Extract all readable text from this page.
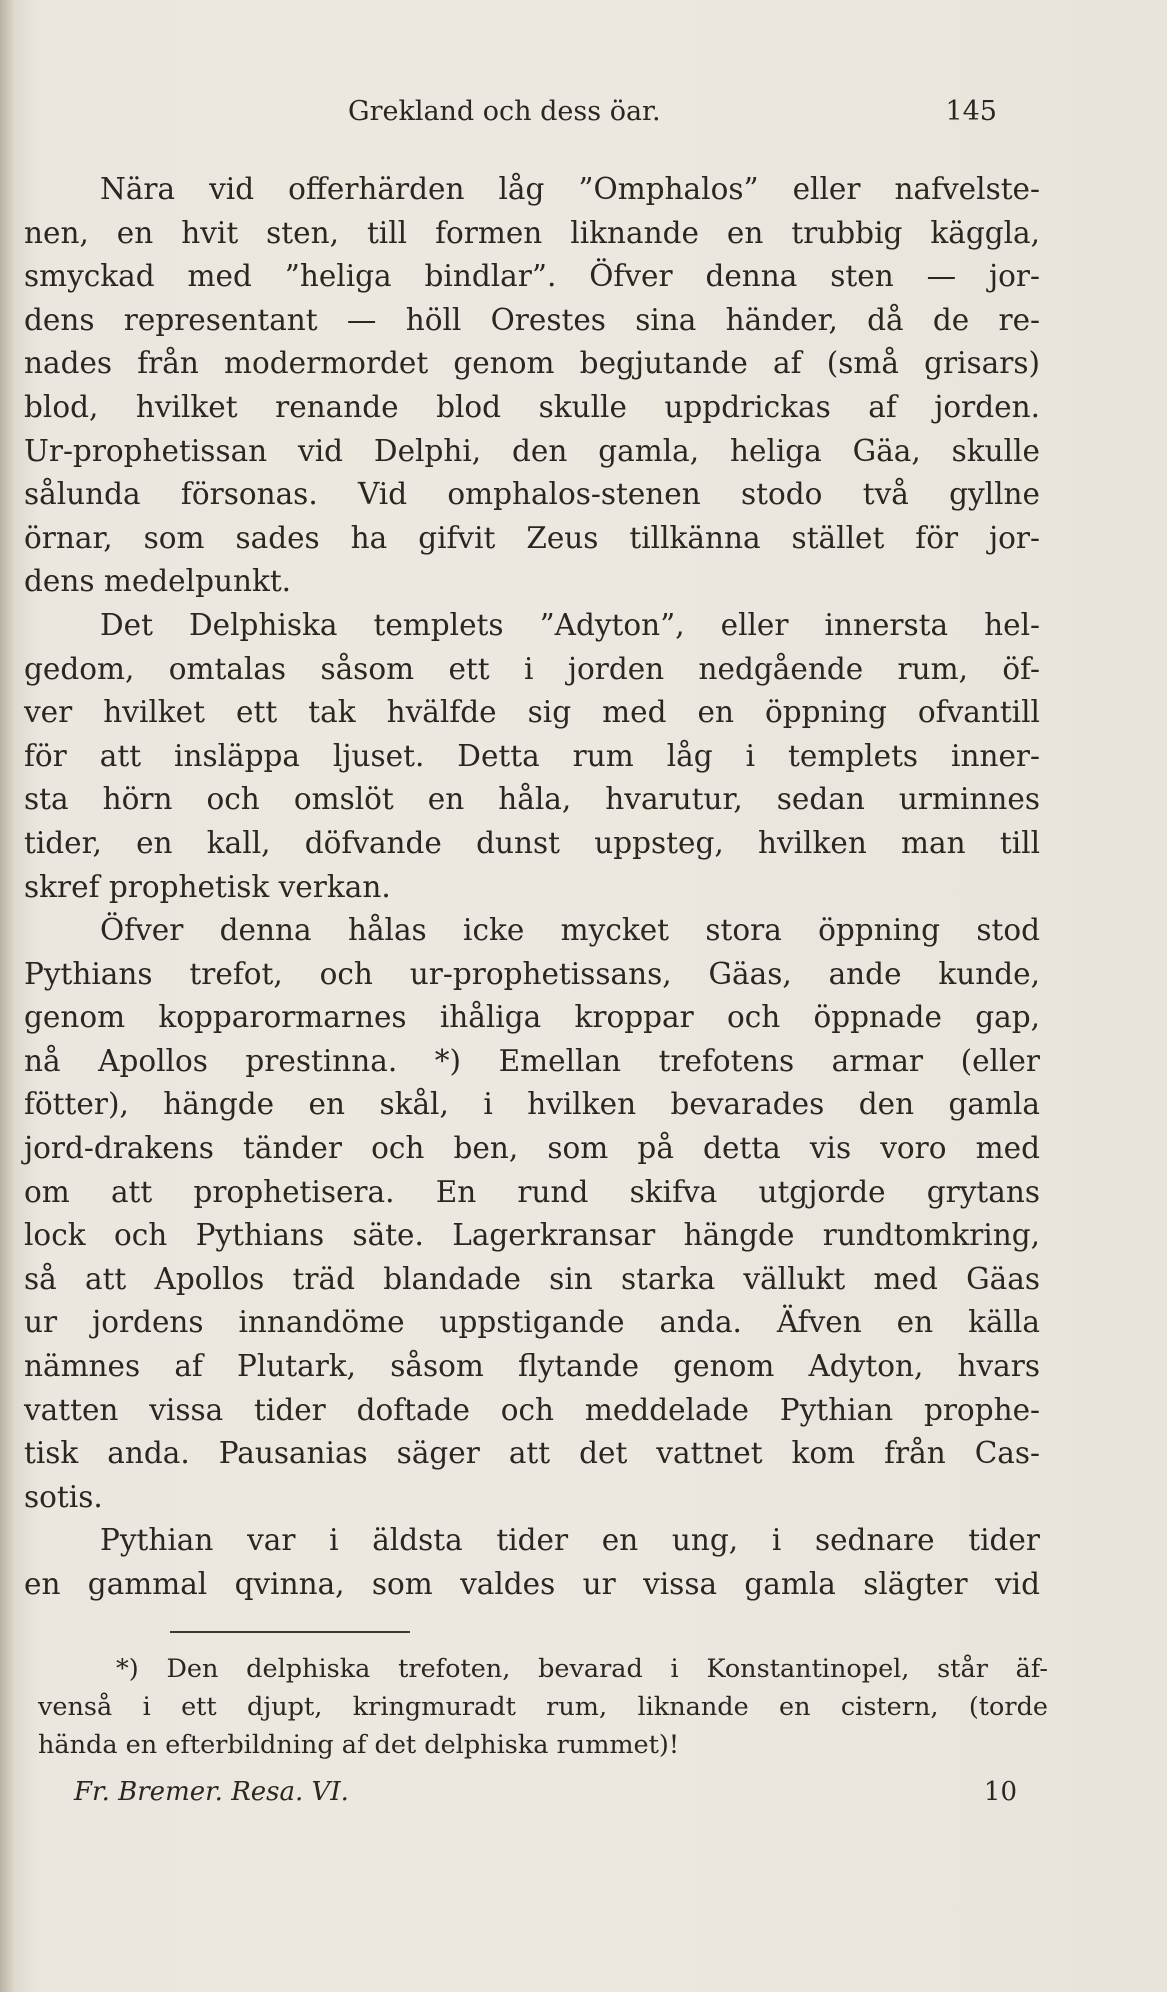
Grekland och dess öar.	145
Nära vid offerhärden låg ”Omphalos” eller nafvelste-
nen, en hvit sten, till formen liknande en trubbig käggla,
smyckad med ”heliga bindlar”. Öfver denna sten — jor-
dens representant — höll Orestes sina händer, då de re-
nades från modermordet genom begjutande af (små grisars)
blod, hvilket renande blod skulle uppdrickas af jorden.
Ur-prophetissan vid Delphi, den gamla, heliga Gäa, skulle
sålunda försonas. Vid omphalos-stenen stodo två gyllne
örnar, som sades ha gifvit Zeus tillkänna stället för jor-
dens medelpunkt.
Det Delphiska templets ”Adyton”, eller innersta hel-
gedom, omtalas såsom ett i jorden nedgående rum, öf-
ver hvilket ett tak hvälfde sig med en öppning ofvantill
för att insläppa ljuset. Detta rum låg i templets inner-
sta hörn och omslöt en håla, hvarutur, sedan urminnes
tider, en kall, döfvande dunst uppsteg, hvilken man till
skref prophetisk verkan.
Öfver denna hålas icke mycket stora öppning stod
Pythians trefot, och ur-prophetissans, Gäas, ande kunde,
genom kopparormarnes ihåliga kroppar och öppnade gap,
nå Apollos prestinna. *) Emellan trefotens armar (eller
fötter), hängde en skål, i hvilken bevarades den gamla
jord-drakens tänder och ben, som på detta vis voro med
om att prophetisera. En rund skifva utgjorde grytans
lock och Pythians säte. Lagerkransar hängde rundtomkring,
så att Apollos träd blandade sin starka vällukt med Gäas
ur jordens innandöme uppstigande anda. Äfven en källa
nämnes af Plutark, såsom flytande genom Adyton, hvars
vatten vissa tider doftade och meddelade Pythian prophe-
tisk anda. Pausanias säger att det vattnet kom från Cas-
sotis.
Pythian var i äldsta tider en ung, i sednare tider
en gammal qvinna, som valdes ur vissa gamla slägter vid
*) Den delphiska trefoten, bevarad i Konstantinopel, står äf-
venså i ett djupt, kringmuradt rum, liknande en cistern, (torde
hända en efterbildning af det delphiska rummet)!
Fr. Bremer. Resa. VI.	10
